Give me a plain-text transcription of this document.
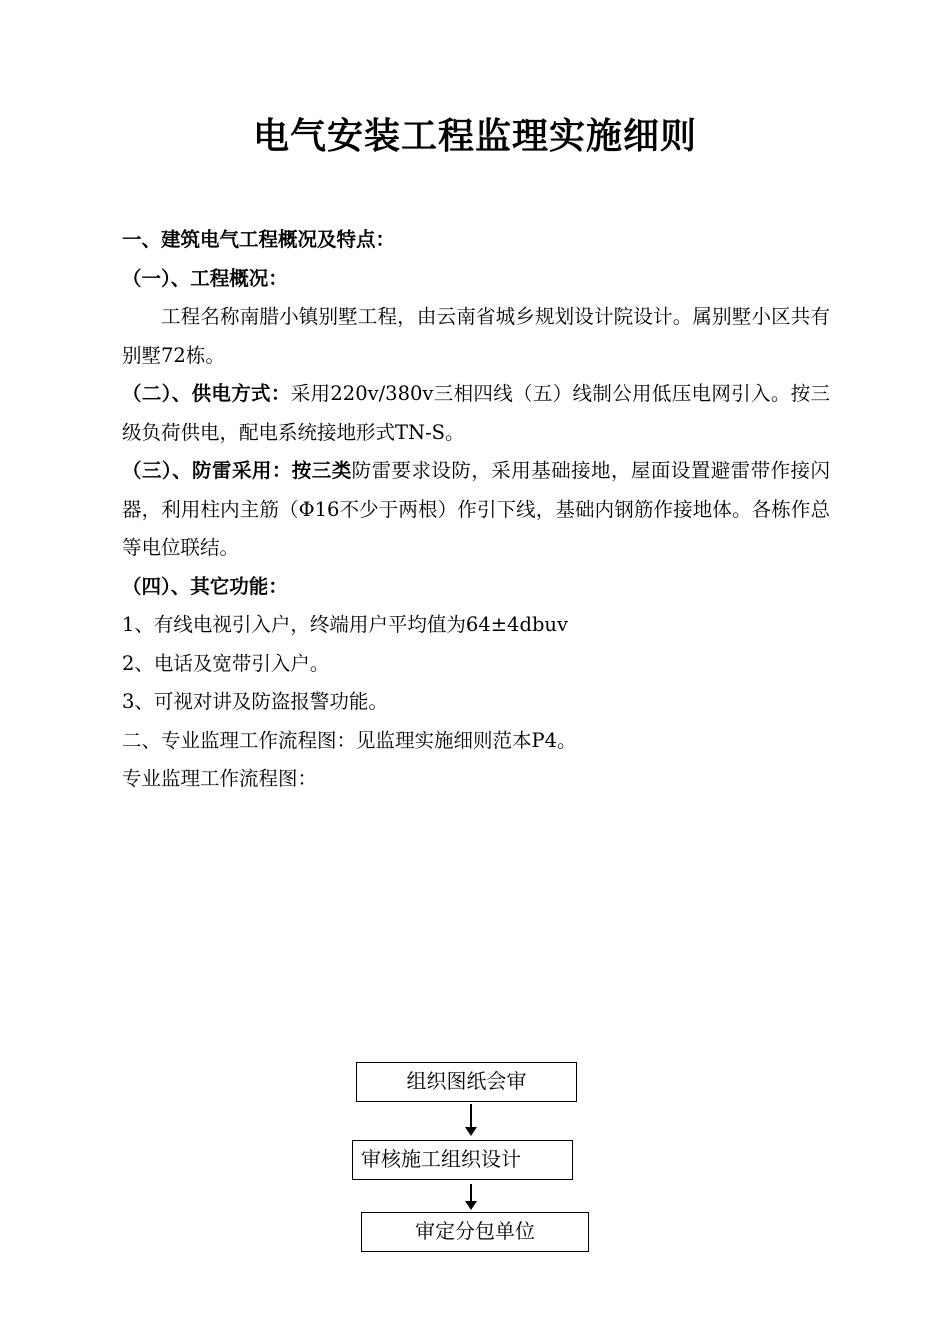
电气安装工程监理实施细则

一、建筑电气工程概况及特点：

（一）、工程概况：

工程名称南腊小镇别墅工程，由云南省城乡规划设计院设计。属别墅小区共有别墅72栋。

（二）、供电方式：采用220v/380v三相四线（五）线制公用低压电网引入。按三级负荷供电，配电系统接地形式TN-S。

（三）、防雷采用：按三类防雷要求设防，采用基础接地，屋面设置避雷带作接闪器，利用柱内主筋（Φ16不少于两根）作引下线，基础内钢筋作接地体。各栋作总等电位联结。

（四）、其它功能：

1、有线电视引入户，终端用户平均值为64±4dbuv

2、电话及宽带引入户。

3、可视对讲及防盗报警功能。

二、专业监理工作流程图：见监理实施细则范本P4。

专业监理工作流程图：

组织图纸会审
审核施工组织设计
审定分包单位
